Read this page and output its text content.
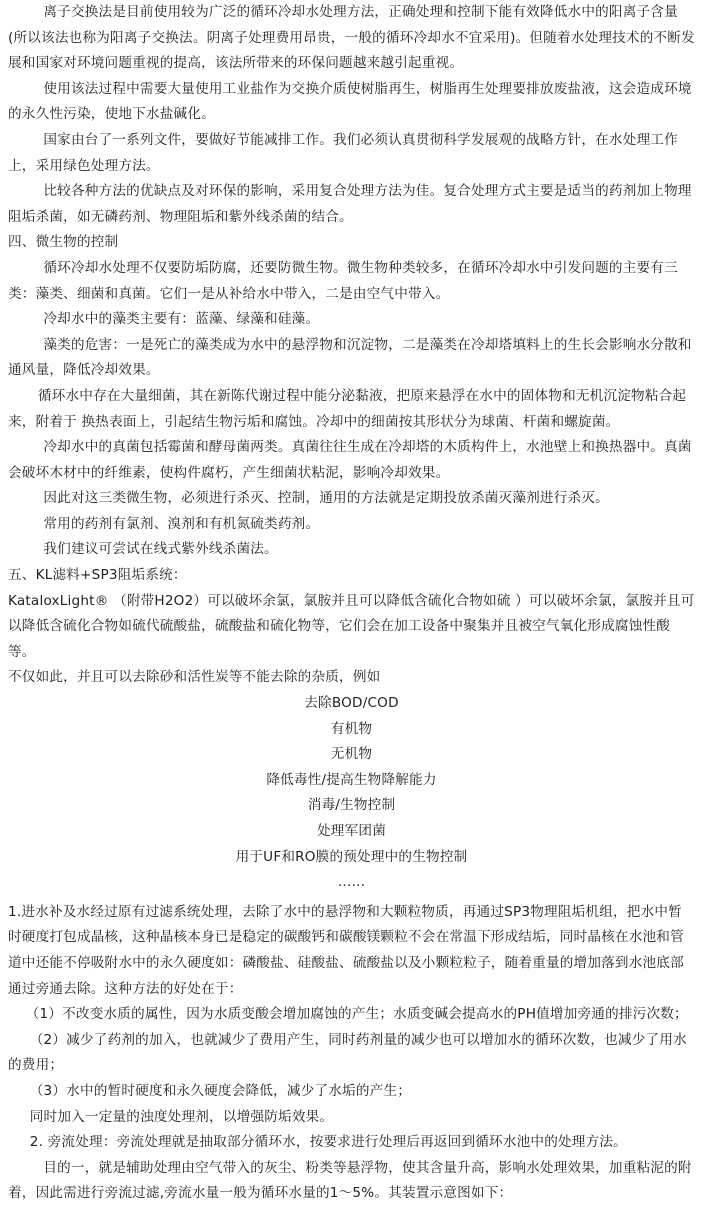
离子交换法是目前使用较为广泛的循环冷却水处理方法，正确处理和控制下能有效降低水中的阳离子含量(所以该法也称为阳离子交换法。阴离子处理费用昂贵，一般的循环冷却水不宜采用)。但随着水处理技术的不断发展和国家对环境问题重视的提高，该法所带来的环保问题越来越引起重视。

使用该法过程中需要大量使用工业盐作为交换介质使树脂再生，树脂再生处理要排放废盐液，这会造成环境的永久性污染，使地下水盐碱化。

国家由台了一系列文件，要做好节能减排工作。我们必须认真贯彻科学发展观的战略方针，在水处理工作上，采用绿色处理方法。

比较各种方法的优缺点及对环保的影响，采用复合处理方法为佳。复合处理方式主要是适当的药剂加上物理阻垢杀菌，如无磷药剂、物理阻垢和紫外线杀菌的结合。

四、微生物的控制

循环冷却水处理不仅要防垢防腐，还要防微生物。微生物种类较多，在循环冷却水中引发问题的主要有三类：藻类、细菌和真菌。它们一是从补给水中带入，二是由空气中带入。

冷却水中的藻类主要有：蓝藻、绿藻和硅藻。

藻类的危害：一是死亡的藻类成为水中的悬浮物和沉淀物，二是藻类在冷却塔填料上的生长会影响水分散和通风量，降低冷却效果。

循环水中存在大量细菌，其在新陈代谢过程中能分泌黏液，把原来悬浮在水中的固体物和无机沉淀物粘合起来，附着于 换热表面上，引起结生物污垢和腐蚀。冷却中的细菌按其形状分为球菌、杆菌和螺旋菌。

冷却水中的真菌包括霉菌和酵母菌两类。真菌往往生成在冷却塔的木质构件上，水池壁上和换热器中。真菌会破坏木材中的纤维素，使构件腐朽，产生细菌状粘泥，影响冷却效果。

因此对这三类微生物，必须进行杀灭、控制，通用的方法就是定期投放杀菌灭藻剂进行杀灭。

常用的药剂有氯剂、溴剂和有机氮硫类药剂。

我们建议可尝试在线式紫外线杀菌法。

五、KL滤料+SP3阻垢系统：

KataloxLight® （附带H2O2）可以破坏余氯，氯胺并且可以降低含硫化合物如硫 ）可以破坏余氯，氯胺并且可以降低含硫化合物如硫代硫酸盐，硫酸盐和硫化物等，它们会在加工设备中聚集并且被空气氧化形成腐蚀性酸等。

不仅如此，并且可以去除砂和活性炭等不能去除的杂质，例如

去除BOD/COD

有机物

无机物

降低毒性/提高生物降解能力

消毒/生物控制

处理军团菌

用于UF和RO膜的预处理中的生物控制

……

1.进水补及水经过原有过滤系统处理，去除了水中的悬浮物和大颗粒物质，再通过SP3物理阻垢机组，把水中暂时硬度打包成晶核，这种晶核本身已是稳定的碳酸钙和碳酸镁颗粒不会在常温下形成结垢，同时晶核在水池和管道中还能不停吸附水中的永久硬度如：磷酸盐、硅酸盐、硫酸盐以及小颗粒粒子，随着重量的增加落到水池底部通过旁通去除。这种方法的好处在于：

（1）不改变水质的属性，因为水质变酸会增加腐蚀的产生；水质变碱会提高水的PH值增加旁通的排污次数；

（2）减少了药剂的加入，也就减少了费用产生，同时药剂量的减少也可以增加水的循环次数，也减少了用水的费用；

（3）水中的暂时硬度和永久硬度会降低，减少了水垢的产生；

同时加入一定量的浊度处理剂，以增强防垢效果。

2. 旁流处理：旁流处理就是抽取部分循环水，按要求进行处理后再返回到循环水池中的处理方法。

目的一，就是辅助处理由空气带入的灰尘、粉类等悬浮物，使其含量升高，影响水处理效果，加重粘泥的附着，因此需进行旁流过滤,旁流水量一般为循环水量的1～5%。其装置示意图如下：
